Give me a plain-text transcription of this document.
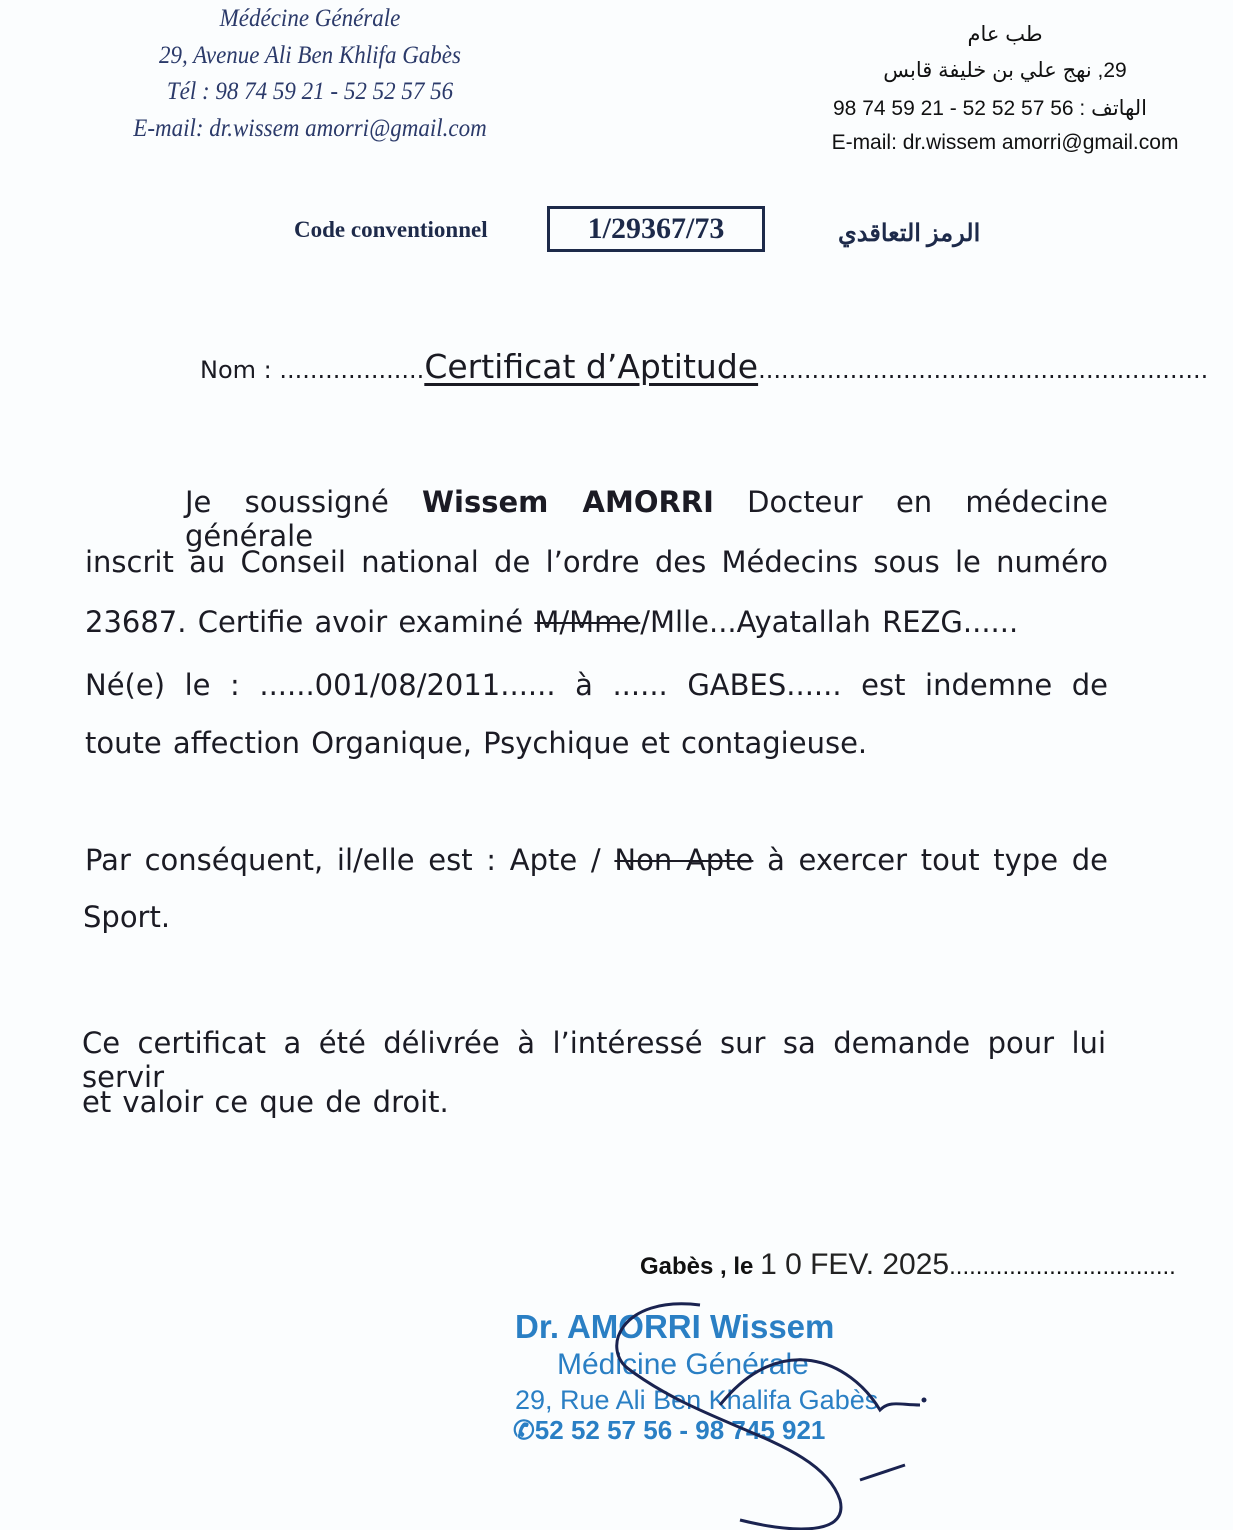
Médécine Générale
29, Avenue Ali Ben Khlifa Gabès
Tél : 98 74 59 21 - 52 52 57 56
E-mail: dr.wissem amorri@gmail.com
طب عام
29, نهج علي بن خليفة قابس
الهاتف : 56 57 52 52 - 21 59 74 98
E-mail: dr.wissem amorri@gmail.com
Code conventionnel	1/29367/73	الرمز التعاقدي
Nom : ...................Certificat d’Aptitude...........................................................
Je soussigné Wissem AMORRI Docteur en médecine générale
inscrit au Conseil national de l’ordre des Médecins sous le numéro
23687. Certifie avoir examiné M/Mme/Mlle...Ayatallah REZG......
Né(e) le : ......001/08/2011...... à ...... GABES...... est indemne de
toute affection Organique, Psychique et contagieuse.
Par conséquent, il/elle est : Apte / Non Apte à exercer tout type de
Sport.
Ce certificat a été délivrée à l’intéressé sur sa demande pour lui servir
et valoir ce que de droit.
Gabès , le 1 0 FEV. 2025..................................
Dr. AMORRI Wissem
Médicine Générale
29, Rue Ali Ben Khalifa Gabès
✆52 52 57 56 - 98 745 921
